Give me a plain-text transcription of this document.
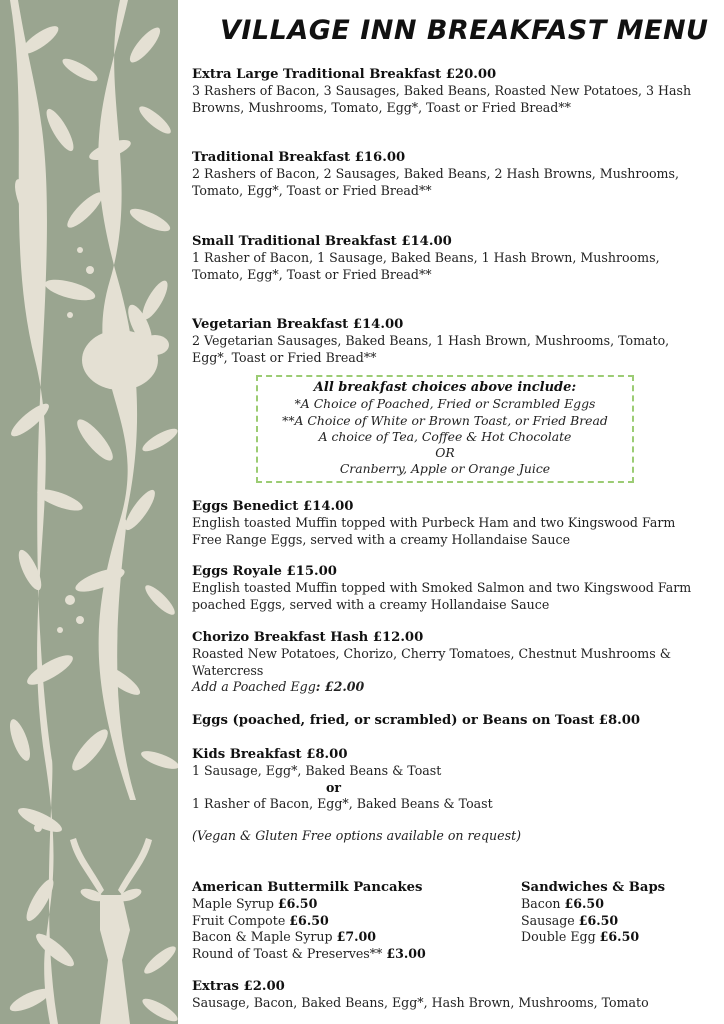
VILLAGE INN BREAKFAST MENU
Extra Large Traditional Breakfast £20.00
3 Rashers of Bacon, 3 Sausages, Baked Beans, Roasted New Potatoes, 3 Hash Browns, Mushrooms, Tomato, Egg*, Toast or Fried Bread**
Traditional Breakfast £16.00
2 Rashers of Bacon, 2 Sausages, Baked Beans, 2 Hash Browns, Mushrooms, Tomato, Egg*, Toast or Fried Bread**
Small Traditional Breakfast £14.00
1 Rasher of Bacon, 1 Sausage, Baked Beans, 1 Hash Brown, Mushrooms, Tomato, Egg*, Toast or Fried Bread**
Vegetarian Breakfast £14.00
2 Vegetarian Sausages, Baked Beans, 1 Hash Brown, Mushrooms, Tomato, Egg*, Toast or Fried Bread**
All breakfast choices above include:
*A Choice of Poached, Fried or Scrambled Eggs
**A Choice of White or Brown Toast, or Fried Bread
A choice of Tea, Coffee & Hot Chocolate
OR
Cranberry, Apple or Orange Juice
Eggs Benedict £14.00
English toasted Muffin topped with Purbeck Ham and two Kingswood Farm Free Range Eggs, served with a creamy Hollandaise Sauce
Eggs Royale £15.00
English toasted Muffin topped with Smoked Salmon and two Kingswood Farm poached Eggs, served with a creamy Hollandaise Sauce
Chorizo Breakfast Hash £12.00
Roasted New Potatoes, Chorizo, Cherry Tomatoes, Chestnut Mushrooms & Watercress
Add a Poached Egg: £2.00
Eggs (poached, fried, or scrambled) or Beans on Toast £8.00
Kids Breakfast £8.00
1 Sausage, Egg*, Baked Beans & Toast
or
1 Rasher of Bacon, Egg*, Baked Beans & Toast
(Vegan & Gluten Free options available on request)
American Buttermilk Pancakes
Maple Syrup £6.50
Fruit Compote £6.50
Bacon & Maple Syrup £7.00
Round of Toast & Preserves** £3.00
Sandwiches & Baps
Bacon £6.50
Sausage £6.50
Double Egg £6.50
Extras £2.00
Sausage, Bacon, Baked Beans, Egg*, Hash Brown, Mushrooms, Tomato
